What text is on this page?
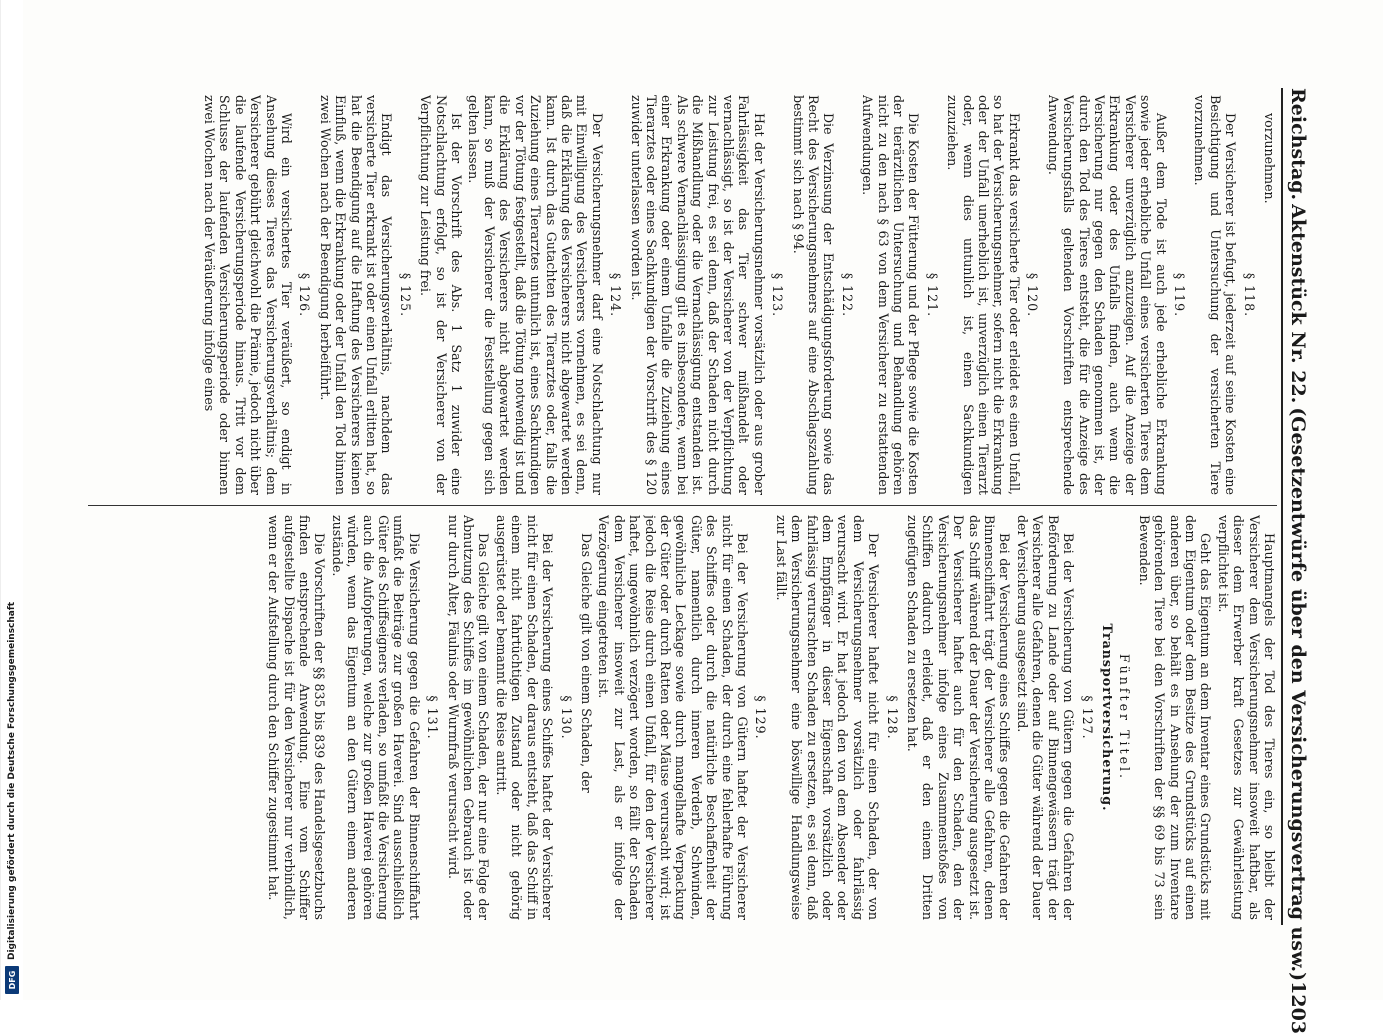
Reichstag.
Aktenstück Nr. 22.
(Gesetzentwürfe über den Versicherungsvertrag usw.)
1203
vorzunehmen.
§ 118.
Der Versicherer ist befugt, jederzeit auf seine Kosten eine Besichtigung und Untersuchung der versicherten Tiere vorzunehmen.
§ 119.
Außer dem Tode ist auch jede erhebliche Erkrankung sowie jeder erhebliche Unfall eines versicherten Tieres dem Versicherer unverzüglich anzuzeigen. Auf die Anzeige der Erkrankung oder des Unfalls finden, auch wenn die Versicherung nur gegen den Schaden genommen ist, der durch den Tod des Tieres entsteht, die für die Anzeige des Versicherungsfalls geltenden Vorschriften entsprechende Anwendung.
§ 120.
Erkrankt das versicherte Tier oder erleidet es einen Unfall, so hat der Versicherungsnehmer, sofern nicht die Erkrankung oder der Unfall unerheblich ist, unverzüglich einen Tierarzt oder, wenn dies untunlich ist, einen Sachkundigen zuzuziehen.
§ 121.
Die Kosten der Fütterung und der Pflege sowie die Kosten der tierärztlichen Untersuchung und Behandlung gehören nicht zu den nach § 63 von dem Versicherer zu erstattenden Aufwendungen.
§ 122.
Die Verzinsung der Entschädigungsforderung sowie das Recht des Versicherungsnehmers auf eine Abschlagszahlung bestimmt sich nach § 94.
§ 123.
Hat der Versicherungsnehmer vorsätzlich oder aus grober Fahrlässigkeit das Tier schwer mißhandelt oder vernachlässigt, so ist der Versicherer von der Verpflichtung zur Leistung frei, es sei denn, daß der Schaden nicht durch die Mißhandlung oder die Vernachlässigung entstanden ist. Als schwere Vernachlässigung gilt es insbesondere, wenn bei einer Erkrankung oder einem Unfalle die Zuziehung eines Tierarztes oder eines Sachkundigen der Vorschrift des § 120 zuwider unterlassen worden ist.
§ 124.
Der Versicherungsnehmer darf eine Notschlachtung nur mit Einwilligung des Versicherers vornehmen, es sei denn, daß die Erklärung des Versicherers nicht abgewartet werden kann. Ist durch das Gutachten des Tierarztes oder, falls die Zuziehung eines Tierarztes untunlich ist, eines Sachkundigen vor der Tötung festgestellt, daß die Tötung notwendig ist und die Erklärung des Versicherers nicht abgewartet werden kann, so muß der Versicherer die Feststellung gegen sich gelten lassen.
Ist der Vorschrift des Abs. 1 Satz 1 zuwider eine Notschlachtung erfolgt, so ist der Versicherer von der Verpflichtung zur Leistung frei.
§ 125.
Endigt das Versicherungsverhältnis, nachdem das versicherte Tier erkrankt ist oder einen Unfall erlitten hat, so hat die Beendigung auf die Haftung des Versicherers keinen Einfluß, wenn die Erkrankung oder der Unfall den Tod binnen zwei Wochen nach der Beendigung herbeiführt.
§ 126.
Wird ein versichertes Tier veräußert, so endigt in Ansehung dieses Tieres das Versicherungsverhältnis; dem Versicherer gebührt gleichwohl die Prämie, jedoch nicht über die laufende Versicherungsperiode hinaus. Tritt vor dem Schlusse der laufenden Versicherungsperiode oder binnen zwei Wochen nach der Veräußerung infolge eines
Hauptmangels der Tod des Tieres ein, so bleibt der Versicherer dem Versicherungsnehmer insoweit haftbar, als dieser dem Erwerber kraft Gesetzes zur Gewährleistung verpflichtet ist.
Geht das Eigentum an dem Inventar eines Grundstücks mit dem Eigentum oder dem Besitze des Grundstücks auf einen anderen über, so behält es in Ansehung der zum Inventare gehörenden Tiere bei den Vorschriften der §§ 69 bis 73 sein Bewenden.
Fünfter Titel.
Transportversicherung.
§ 127.
Bei der Versicherung von Gütern gegen die Gefahren der Beförderung zu Lande oder auf Binnengewässern trägt der Versicherer alle Gefahren, denen die Güter während der Dauer der Versicherung ausgesetzt sind.
Bei der Versicherung eines Schiffes gegen die Gefahren der Binnenschiffahrt trägt der Versicherer alle Gefahren, denen das Schiff während der Dauer der Versicherung ausgesetzt ist. Der Versicherer haftet auch für den Schaden, den der Versicherungsnehmer infolge eines Zusammenstoßes von Schiffen dadurch erleidet, daß er den einem Dritten zugefügten Schaden zu ersetzen hat.
§ 128.
Der Versicherer haftet nicht für einen Schaden, der von dem Versicherungsnehmer vorsätzlich oder fahrlässig verursacht wird. Er hat jedoch den von dem Absender oder dem Empfänger in dieser Eigenschaft vorsätzlich oder fahrlässig verursachten Schaden zu ersetzen, es sei denn, daß dem Versicherungsnehmer eine böswillige Handlungsweise zur Last fällt.
§ 129.
Bei der Versicherung von Gütern haftet der Versicherer nicht für einen Schaden, der durch eine fehlerhafte Führung des Schiffes oder durch die natürliche Beschaffenheit der Güter, namentlich durch inneren Verderb, Schwinden, gewöhnliche Leckage sowie durch mangelhafte Verpackung der Güter oder durch Ratten oder Mäuse verursacht wird; ist jedoch die Reise durch einen Unfall, für den der Versicherer haftet, ungewöhnlich verzögert worden, so fällt der Schaden dem Versicherer insoweit zur Last, als er infolge der Verzögerung eingetreten ist.
Das Gleiche gilt von einem Schaden, der
§ 130.
Bei der Versicherung eines Schiffes haftet der Versicherer nicht für einen Schaden, der daraus entsteht, daß das Schiff in einem nicht fahrtüchtigen Zustand oder nicht gehörig ausgerüstet oder bemannt die Reise antritt.
Das Gleiche gilt von einem Schaden, der nur eine Folge der Abnutzung des Schiffes im gewöhnlichen Gebrauch ist oder nur durch Alter, Fäulnis oder Wurmfraß verursacht wird.
§ 131.
Die Versicherung gegen die Gefahren der Binnenschiffahrt umfaßt die Beiträge zur großen Haverei. Sind ausschließlich Güter des Schiffseigners verladen, so umfaßt die Versicherung auch die Aufopferungen, welche zur großen Haverei gehören würden, wenn das Eigentum an den Gütern einem anderen zustände.
Die Vorschriften der §§ 835 bis 839 des Handelsgesetzbuchs finden entsprechende Anwendung. Eine vom Schiffer aufgestellte Dispache ist für den Versicherer nur verbindlich, wenn er der Aufstellung durch den Schiffer zugestimmt hat.
DFG
Digitalisierung gefördert durch die Deutsche Forschungsgemeinschaft
